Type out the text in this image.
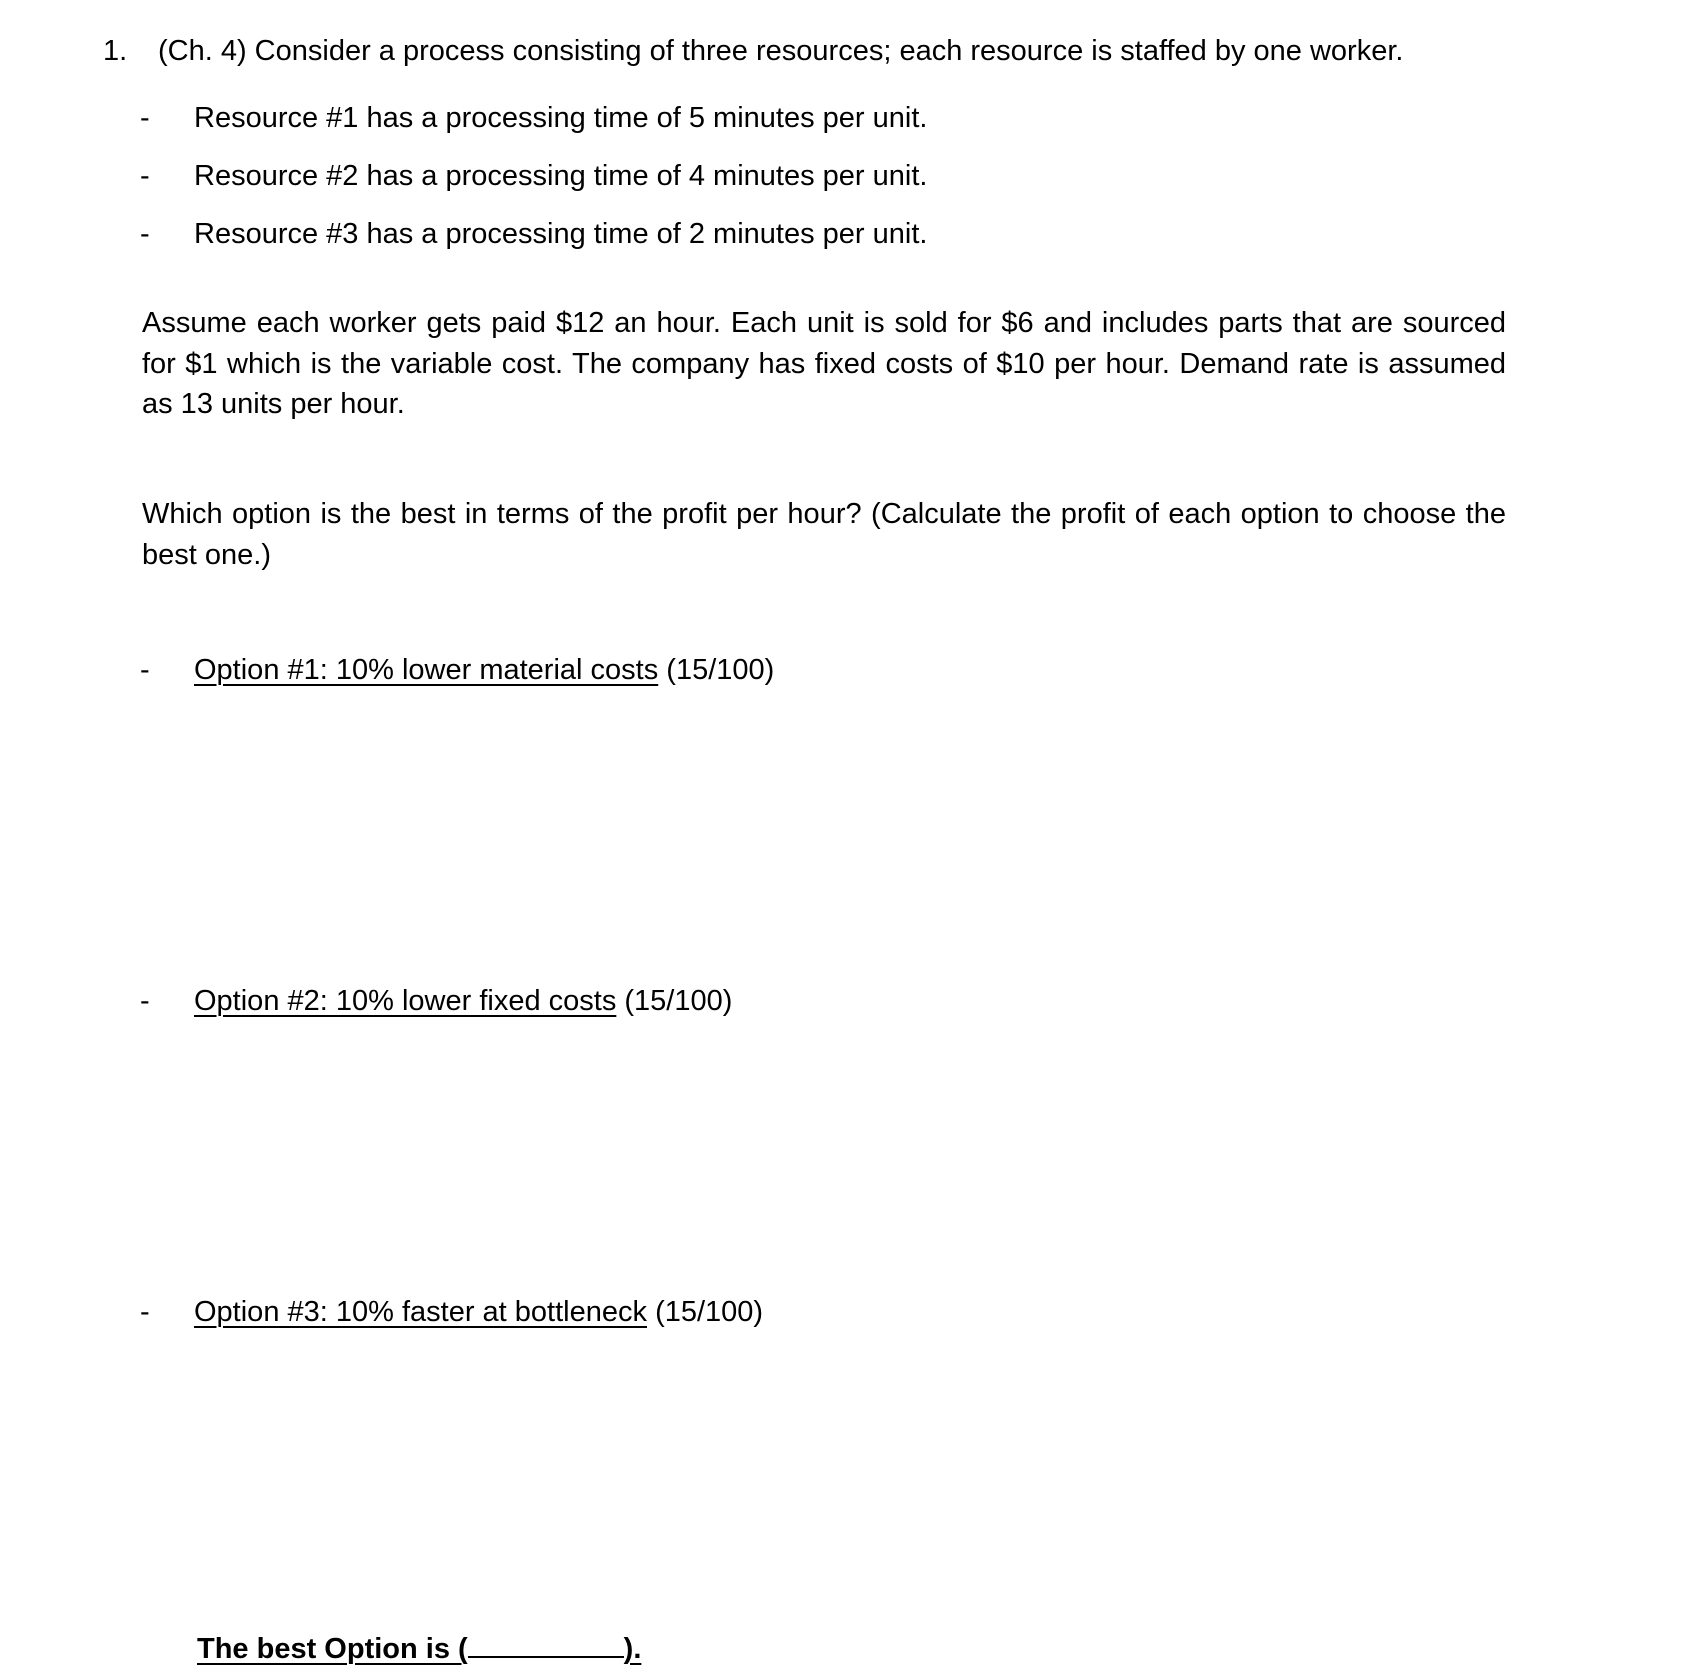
1. (Ch. 4) Consider a process consisting of three resources; each resource is staffed by one worker.
- Resource #1 has a processing time of 5 minutes per unit.
- Resource #2 has a processing time of 4 minutes per unit.
- Resource #3 has a processing time of 2 minutes per unit.
Assume each worker gets paid $12 an hour. Each unit is sold for $6 and includes parts that are sourced for $1 which is the variable cost. The company has fixed costs of $10 per hour. Demand rate is assumed as 13 units per hour.
Which option is the best in terms of the profit per hour? (Calculate the profit of each option to choose the best one.)
- Option #1: 10% lower material costs (15/100)
- Option #2: 10% lower fixed costs (15/100)
- Option #3: 10% faster at bottleneck (15/100)
The best Option is (	).
